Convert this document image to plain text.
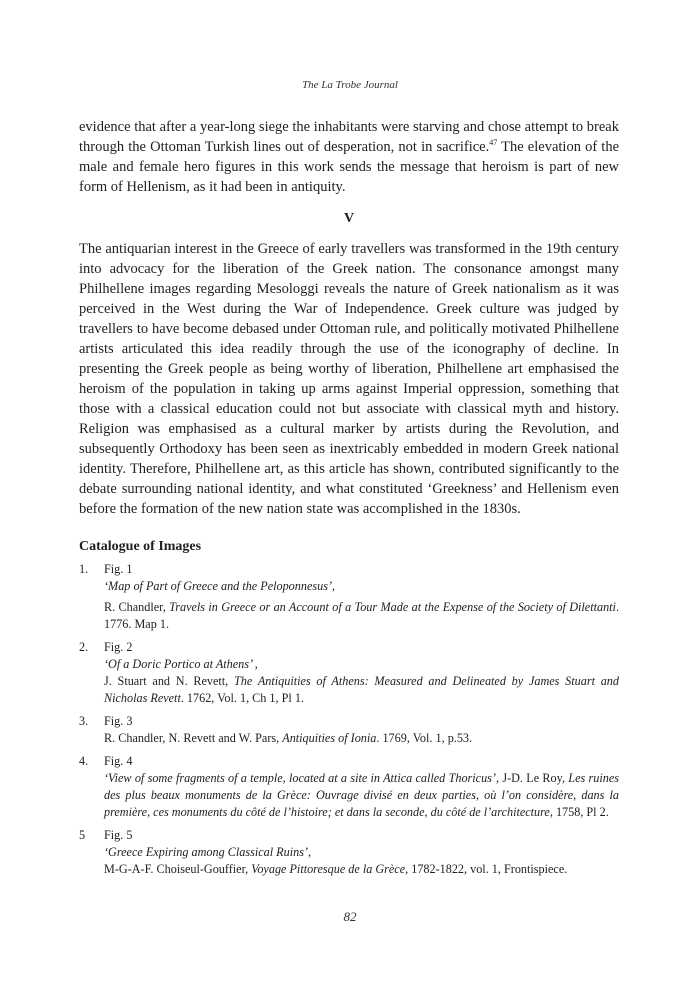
The La Trobe Journal

evidence that after a year-long siege the inhabitants were starving and chose attempt to break through the Ottoman Turkish lines out of desperation, not in sacrifice.$^{47}$ The elevation of the male and female hero figures in this work sends the message that heroism is part of new form of Hellenism, as it had been in antiquity.

V

The antiquarian interest in the Greece of early travellers was transformed in the 19th century into advocacy for the liberation of the Greek nation. The consonance amongst many Philhellene images regarding Mesologgi reveals the nature of Greek nationalism as it was perceived in the West during the War of Independence. Greek culture was judged by travellers to have become debased under Ottoman rule, and politically motivated Philhellene artists articulated this idea readily through the use of the iconography of decline. In presenting the Greek people as being worthy of liberation, Philhellene art emphasised the heroism of the population in taking up arms against Imperial oppression, something that those with a classical education could not but associate with classical myth and history. Religion was emphasised as a cultural marker by artists during the Revolution, and subsequently Orthodoxy has been seen as inextricably embedded in modern Greek national identity. Therefore, Philhellene art, as this article has shown, contributed significantly to the debate surrounding national identity, and what constituted ‘Greekness’ and Hellenism even before the formation of the new nation state was accomplished in the 1830s.

Catalogue of Images
1. Fig. 1
‘Map of Part of Greece and the Peloponnesus’,
R. Chandler, Travels in Greece or an Account of a Tour Made at the Expense of the Society of Dilettanti. 1776. Map 1.
2. Fig. 2
‘Of a Doric Portico at Athens’ ,
J. Stuart and N. Revett, The Antiquities of Athens: Measured and Delineated by James Stuart and Nicholas Revett. 1762, Vol. 1, Ch 1, Pl 1.
3. Fig. 3
R. Chandler, N. Revett and W. Pars, Antiquities of Ionia. 1769, Vol. 1, p.53.
4. Fig. 4
‘View of some fragments of a temple, located at a site in Attica called Thoricus’, J-D. Le Roy, Les ruines des plus beaux monuments de la Grèce: Ouvrage divisé en deux parties, où l’on considère, dans la première, ces monuments du côté de l’histoire; et dans la seconde, du côté de l’architecture, 1758, Pl 2.
5 Fig. 5
‘Greece Expiring among Classical Ruins’,
M-G-A-F. Choiseul-Gouffier, Voyage Pittoresque de la Grèce, 1782-1822, vol. 1, Frontispiece.
82
